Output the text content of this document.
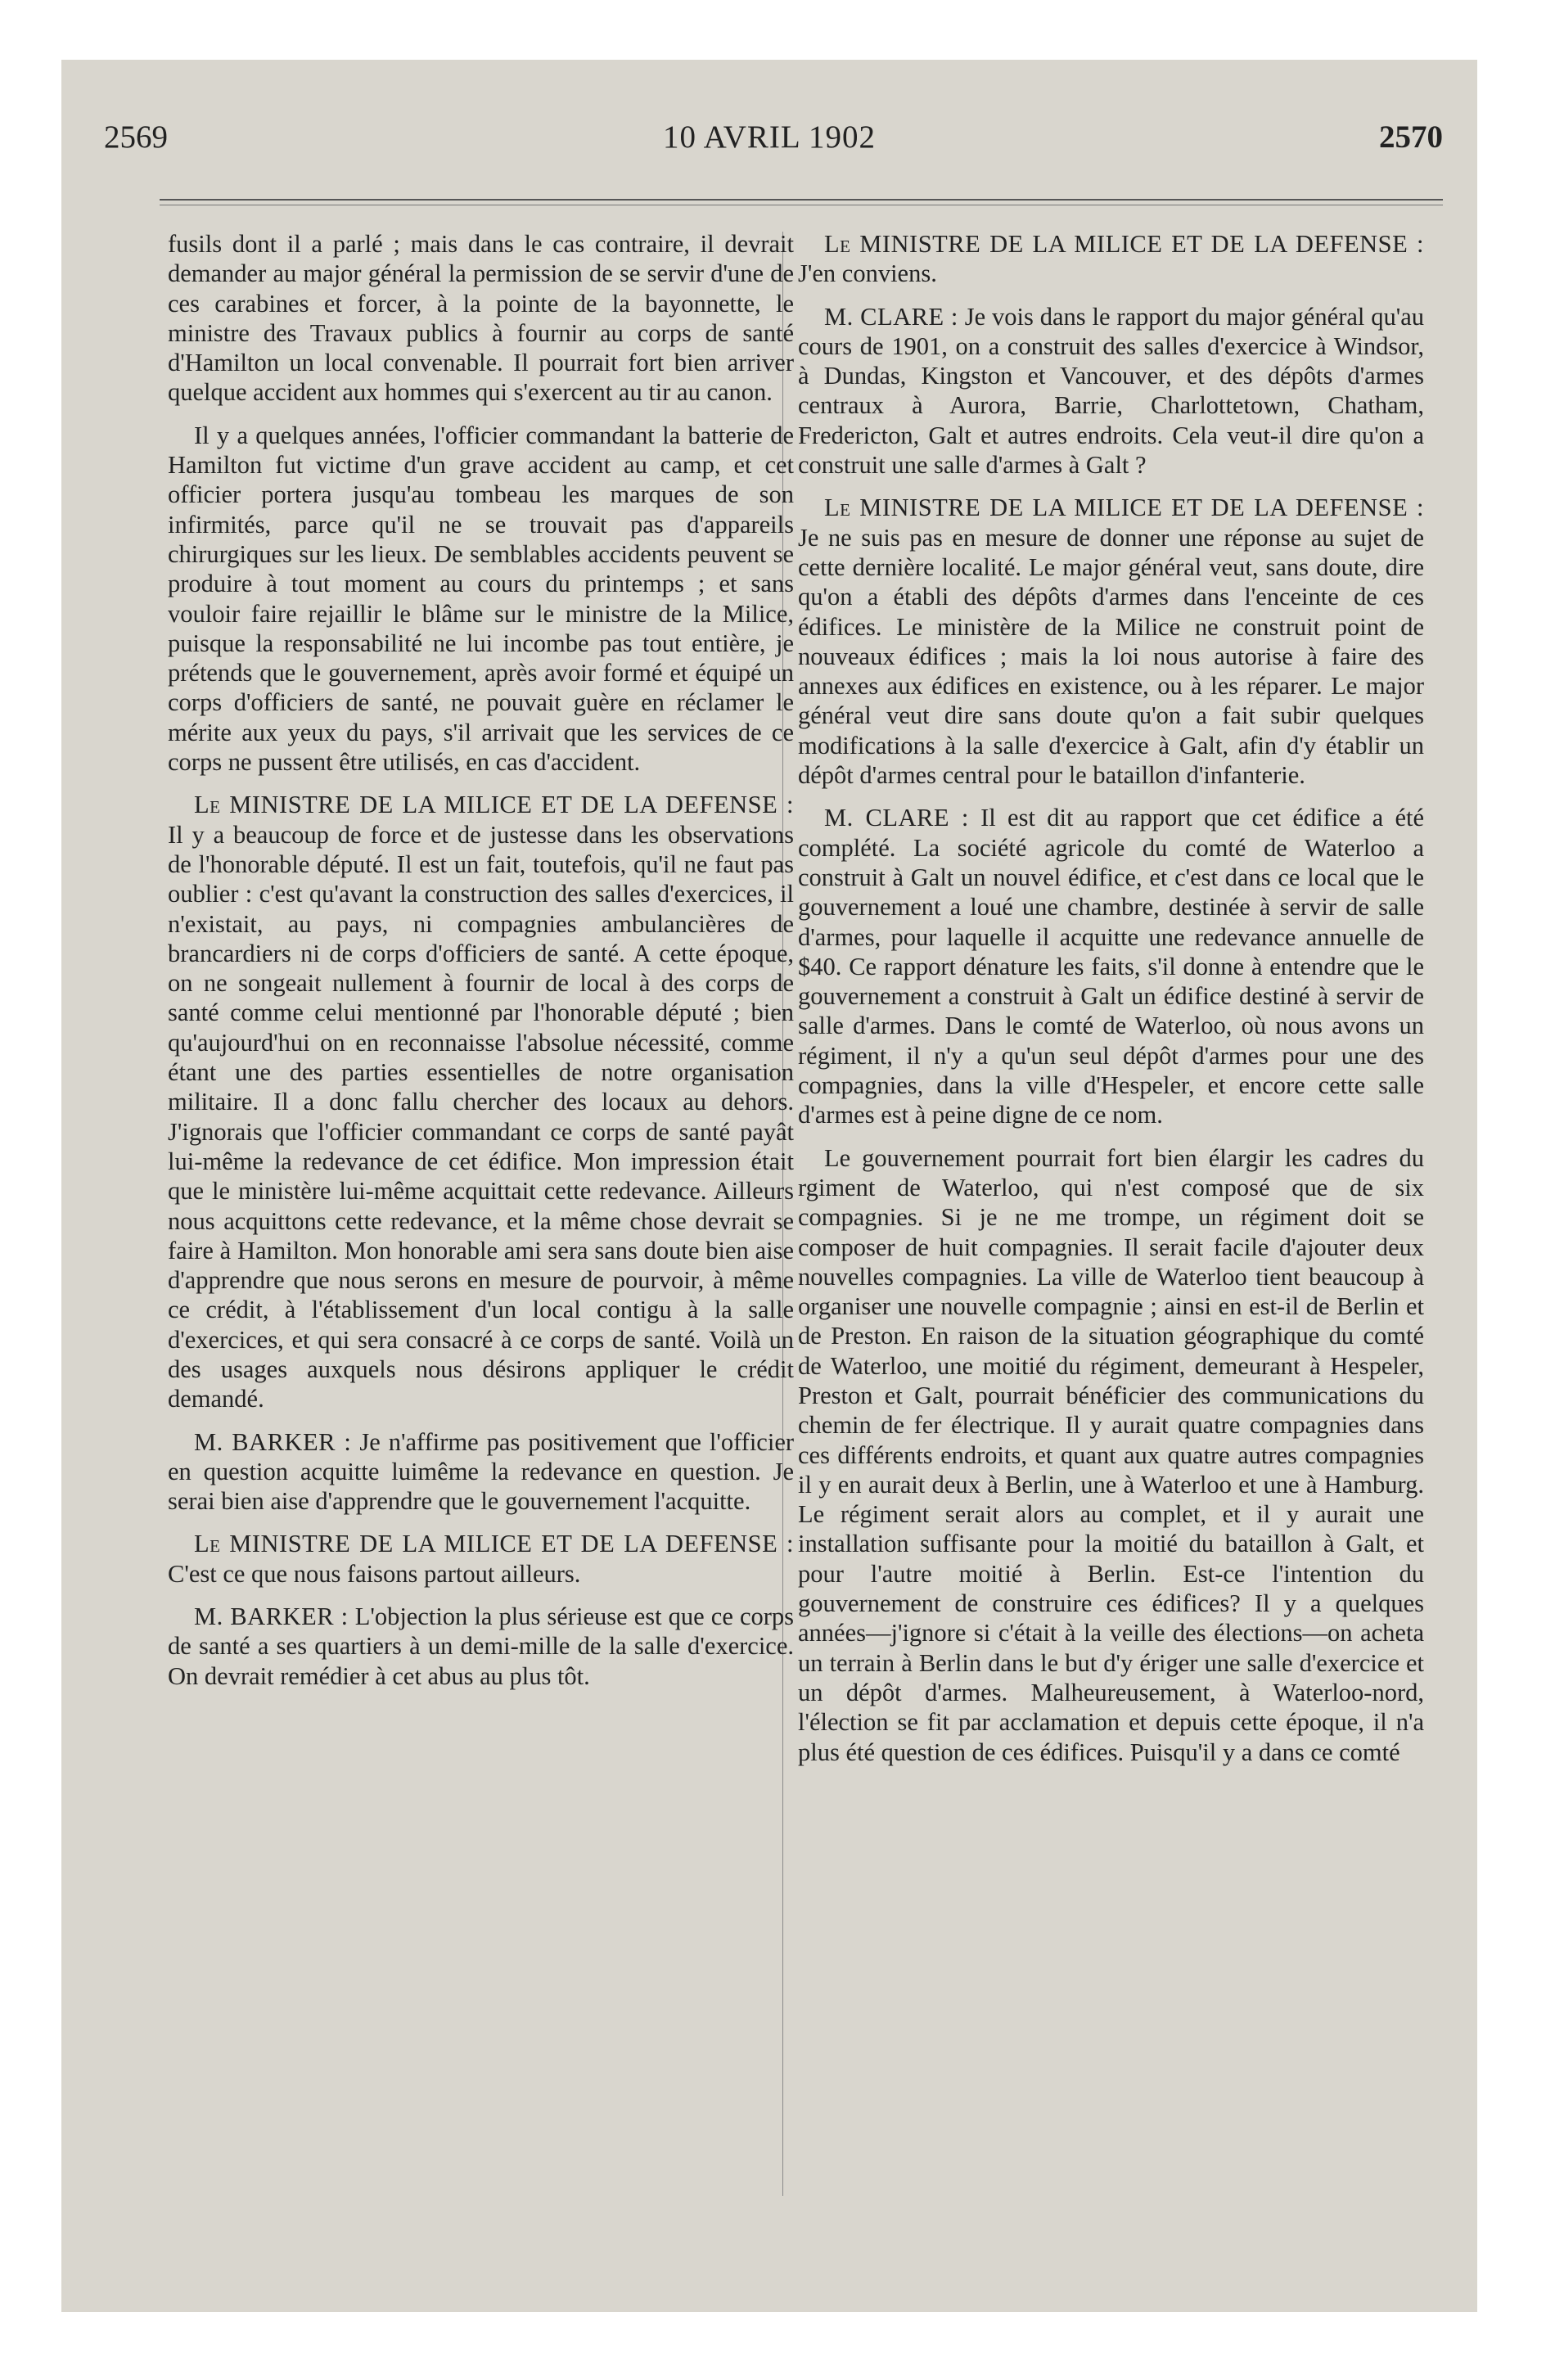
2569	10 AVRIL 1902	2570

fusils dont il a parlé ; mais dans le cas contraire, il devrait demander au major général la permission de se servir d'une de ces carabines et forcer, à la pointe de la bayonnette, le ministre des Travaux publics à fournir au corps de santé d'Hamilton un local convenable. Il pourrait fort bien arriver quelque accident aux hommes qui s'exercent au tir au canon.

Il y a quelques années, l'officier commandant la batterie de Hamilton fut victime d'un grave accident au camp, et cet officier portera jusqu'au tombeau les marques de son infirmités, parce qu'il ne se trouvait pas d'appareils chirurgiques sur les lieux. De semblables accidents peuvent se produire à tout moment au cours du printemps ; et sans vouloir faire rejaillir le blâme sur le ministre de la Milice, puisque la responsabilité ne lui incombe pas tout entière, je prétends que le gouvernement, après avoir formé et équipé un corps d'officiers de santé, ne pouvait guère en réclamer le mérite aux yeux du pays, s'il arrivait que les services de ce corps ne pussent être utilisés, en cas d'accident.

Le MINISTRE DE LA MILICE ET DE LA DEFENSE : Il y a beaucoup de force et de justesse dans les observations de l'honorable député. Il est un fait, toutefois, qu'il ne faut pas oublier : c'est qu'avant la construction des salles d'exercices, il n'existait, au pays, ni compagnies ambulancières de brancardiers ni de corps d'officiers de santé. A cette époque, on ne songeait nullement à fournir de local à des corps de santé comme celui mentionné par l'honorable député ; bien qu'aujourd'hui on en reconnaisse l'absolue nécessité, comme étant une des parties essentielles de notre organisation militaire. Il a donc fallu chercher des locaux au dehors. J'ignorais que l'officier commandant ce corps de santé payât lui-même la redevance de cet édifice. Mon impression était que le ministère lui-même acquittait cette redevance. Ailleurs nous acquittons cette redevance, et la même chose devrait se faire à Hamilton. Mon honorable ami sera sans doute bien aise d'apprendre que nous serons en mesure de pourvoir, à même ce crédit, à l'établissement d'un local contigu à la salle d'exercices, et qui sera consacré à ce corps de santé. Voilà un des usages auxquels nous désirons appliquer le crédit demandé.

M. BARKER : Je n'affirme pas positivement que l'officier en question acquitte luimême la redevance en question. Je serai bien aise d'apprendre que le gouvernement l'acquitte.

Le MINISTRE DE LA MILICE ET DE LA DEFENSE : C'est ce que nous faisons partout ailleurs.

M. BARKER : L'objection la plus sérieuse est que ce corps de santé a ses quartiers à un demi-mille de la salle d'exercice. On devrait remédier à cet abus au plus tôt.

Le MINISTRE DE LA MILICE ET DE LA DEFENSE : J'en conviens.

M. CLARE : Je vois dans le rapport du major général qu'au cours de 1901, on a construit des salles d'exercice à Windsor, à Dundas, Kingston et Vancouver, et des dépôts d'armes centraux à Aurora, Barrie, Charlottetown, Chatham, Fredericton, Galt et autres endroits. Cela veut-il dire qu'on a construit une salle d'armes à Galt ?

Le MINISTRE DE LA MILICE ET DE LA DEFENSE : Je ne suis pas en mesure de donner une réponse au sujet de cette dernière localité. Le major général veut, sans doute, dire qu'on a établi des dépôts d'armes dans l'enceinte de ces édifices. Le ministère de la Milice ne construit point de nouveaux édifices ; mais la loi nous autorise à faire des annexes aux édifices en existence, ou à les réparer. Le major général veut dire sans doute qu'on a fait subir quelques modifications à la salle d'exercice à Galt, afin d'y établir un dépôt d'armes central pour le bataillon d'infanterie.

M. CLARE : Il est dit au rapport que cet édifice a été complété. La société agricole du comté de Waterloo a construit à Galt un nouvel édifice, et c'est dans ce local que le gouvernement a loué une chambre, destinée à servir de salle d'armes, pour laquelle il acquitte une redevance annuelle de $40. Ce rapport dénature les faits, s'il donne à entendre que le gouvernement a construit à Galt un édifice destiné à servir de salle d'armes. Dans le comté de Waterloo, où nous avons un régiment, il n'y a qu'un seul dépôt d'armes pour une des compagnies, dans la ville d'Hespeler, et encore cette salle d'armes est à peine digne de ce nom.

Le gouvernement pourrait fort bien élargir les cadres du rgiment de Waterloo, qui n'est composé que de six compagnies. Si je ne me trompe, un régiment doit se composer de huit compagnies. Il serait facile d'ajouter deux nouvelles compagnies. La ville de Waterloo tient beaucoup à organiser une nouvelle compagnie ; ainsi en est-il de Berlin et de Preston. En raison de la situation géographique du comté de Waterloo, une moitié du régiment, demeurant à Hespeler, Preston et Galt, pourrait bénéficier des communications du chemin de fer électrique. Il y aurait quatre compagnies dans ces différents endroits, et quant aux quatre autres compagnies il y en aurait deux à Berlin, une à Waterloo et une à Hamburg. Le régiment serait alors au complet, et il y aurait une installation suffisante pour la moitié du bataillon à Galt, et pour l'autre moitié à Berlin. Est-ce l'intention du gouvernement de construire ces édifices? Il y a quelques années—j'ignore si c'était à la veille des élections—on acheta un terrain à Berlin dans le but d'y ériger une salle d'exercice et un dépôt d'armes. Malheureusement, à Waterloo-nord, l'élection se fit par acclamation et depuis cette époque, il n'a plus été question de ces édifices. Puisqu'il y a dans ce comté
